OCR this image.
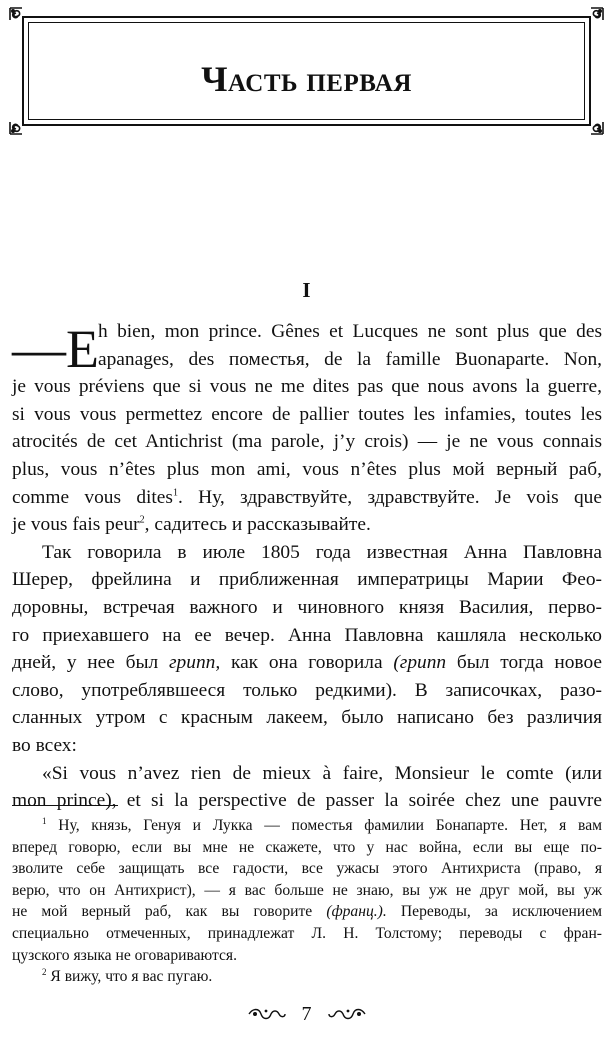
Часть первая
I
—E h bien, mon prince. Gênes et Lucques ne sont plus que des
apanages, des поместья, de la famille Buonaparte. Non,
je vous préviens que si vous ne me dites pas que nous avons la guerre,
si vous vous permettez encore de pallier toutes les infamies, toutes les
atrocités de cet Antichrist (ma parole, j’y crois) — je ne vous connais
plus, vous n’êtes plus mon ami, vous n’êtes plus мой верный раб,
comme vous dites$^1$. Ну, здравствуйте, здравствуйте. Je vois que
je vous fais peur$^2$, садитесь и рассказывайте.
Так говорила в июле 1805 года известная Анна Павловна
Шерер, фрейлина и приближенная императрицы Марии Фео-
доровны, встречая важного и чиновного князя Василия, перво-
го приехавшего на ее вечер. Анна Павловна кашляла несколько
дней, у нее был грипп, как она говорила (грипп был тогда новое
слово, употреблявшееся только редкими). В записочках, разо-
сланных утром с красным лакеем, было написано без различия
во всех:
«Si vous n’avez rien de mieux à faire, Monsieur le comte (или
mon prince), et si la perspective de passer la soirée chez une pauvre
$^1$ Ну, князь, Генуя и Лукка — поместья фамилии Бонапарте. Нет, я вам
вперед говорю, если вы мне не скажете, что у нас война, если вы еще по-
зволите себе защищать все гадости, все ужасы этого Антихриста (право, я
верю, что он Антихрист), — я вас больше не знаю, вы уж не друг мой, вы уж
не мой верный раб, как вы говорите (франц.). Переводы, за исключением
специально отмеченных, принадлежат Л. Н. Толстому; переводы с фран-
цузского языка не оговариваются.
$^2$ Я вижу, что я вас пугаю.
7
